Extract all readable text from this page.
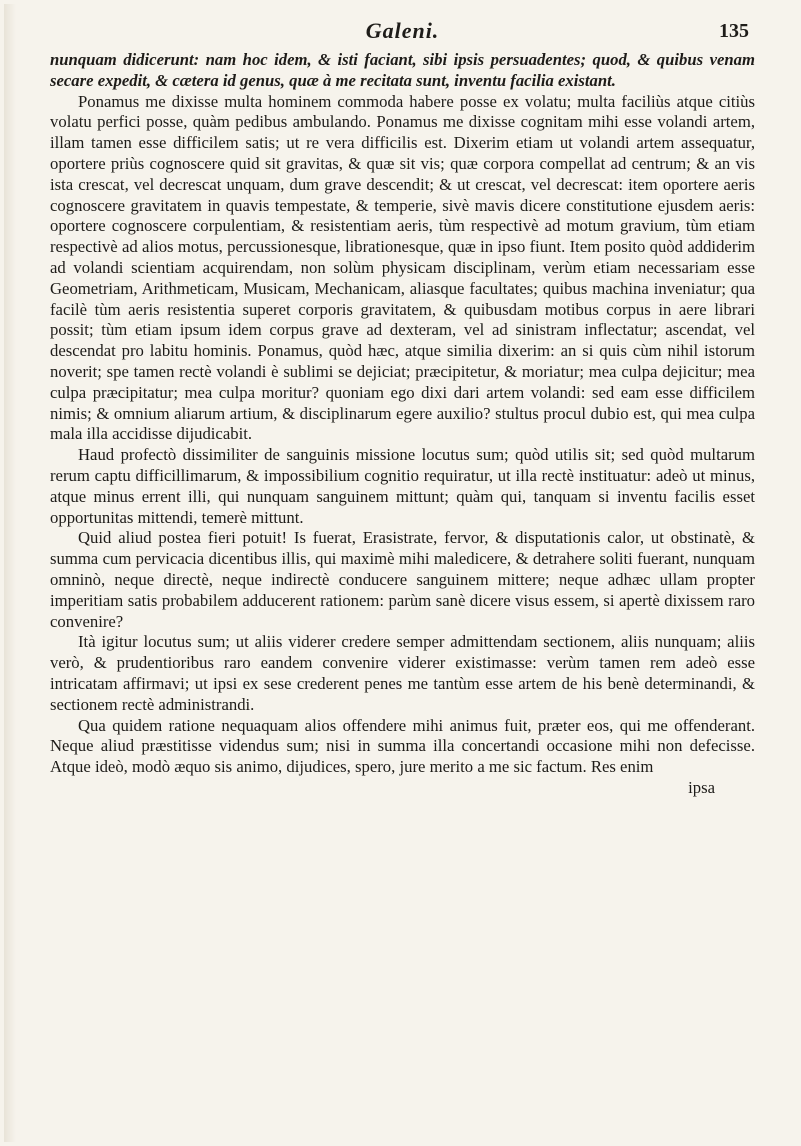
Galeni.	135

nunquam didicerunt: nam hoc idem, & isti faciant, sibi ipsis persuadentes; quod, & quibus venam secare expedit, & cætera id genus, quæ à me recitata sunt, inventu facilia existant.

Ponamus me dixisse multa hominem commoda habere posse ex volatu; multa faciliùs atque citiùs volatu perfici posse, quàm pedibus ambulando. Ponamus me dixisse cognitam mihi esse volandi artem, illam tamen esse difficilem satis; ut re vera difficilis est. Dixerim etiam ut volandi artem assequatur, oportere priùs cognoscere quid sit gravitas, & quæ sit vis; quæ corpora compellat ad centrum; & an vis ista crescat, vel decrescat unquam, dum grave descendit; & ut crescat, vel decrescat: item oportere aeris cognoscere gravitatem in quavis tempestate, & temperie, sivè mavis dicere constitutione ejusdem aeris: oportere cognoscere corpulentiam, & resistentiam aeris, tùm respectivè ad motum gravium, tùm etiam respectivè ad alios motus, percussionesque, librationesque, quæ in ipso fiunt. Item posito quòd addiderim ad volandi scientiam acquirendam, non solùm physicam disciplinam, verùm etiam necessariam esse Geometriam, Arithmeticam, Musicam, Mechanicam, aliasque facultates; quibus machina inveniatur; qua facilè tùm aeris resistentia superet corporis gravitatem, & quibusdam motibus corpus in aere librari possit; tùm etiam ipsum idem corpus grave ad dexteram, vel ad sinistram inflectatur; ascendat, vel descendat pro labitu hominis. Ponamus, quòd hæc, atque similia dixerim: an si quis cùm nihil istorum noverit; spe tamen rectè volandi è sublimi se dejiciat; præcipitetur, & moriatur; mea culpa dejicitur; mea culpa præcipitatur; mea culpa moritur? quoniam ego dixi dari artem volandi: sed eam esse difficilem nimis; & omnium aliarum artium, & disciplinarum egere auxilio? stultus procul dubio est, qui mea culpa mala illa accidisse dijudicabit.

Haud profectò dissimiliter de sanguinis missione locutus sum; quòd utilis sit; sed quòd multarum rerum captu difficillimarum, & impossibilium cognitio requiratur, ut illa rectè instituatur: adeò ut minus, atque minus errent illi, qui nunquam sanguinem mittunt; quàm qui, tanquam si inventu facilis esset opportunitas mittendi, temerè mittunt.

Quid aliud postea fieri potuit! Is fuerat, Erasistrate, fervor, & disputationis calor, ut obstinatè, & summa cum pervicacia dicentibus illis, qui maximè mihi maledicere, & detrahere soliti fuerant, nunquam omninò, neque directè, neque indirectè conducere sanguinem mittere; neque adhæc ullam propter imperitiam satis probabilem adducerent rationem: parùm sanè dicere visus essem, si apertè dixissem raro convenire?

Ità igitur locutus sum; ut aliis viderer credere semper admittendam sectionem, aliis nunquam; aliis verò, & prudentioribus raro eandem convenire viderer existimasse: verùm tamen rem adeò esse intricatam affirmavi; ut ipsi ex sese crederent penes me tantùm esse artem de his benè determinandi, & sectionem rectè administrandi.

Qua quidem ratione nequaquam alios offendere mihi animus fuit, præter eos, qui me offenderant. Neque aliud præstitisse videndus sum; nisi in summa illa concertandi occasione mihi non defecisse. Atque ideò, modò æquo sis animo, dijudices, spero, jure merito a me sic factum. Res enim

ipsa
